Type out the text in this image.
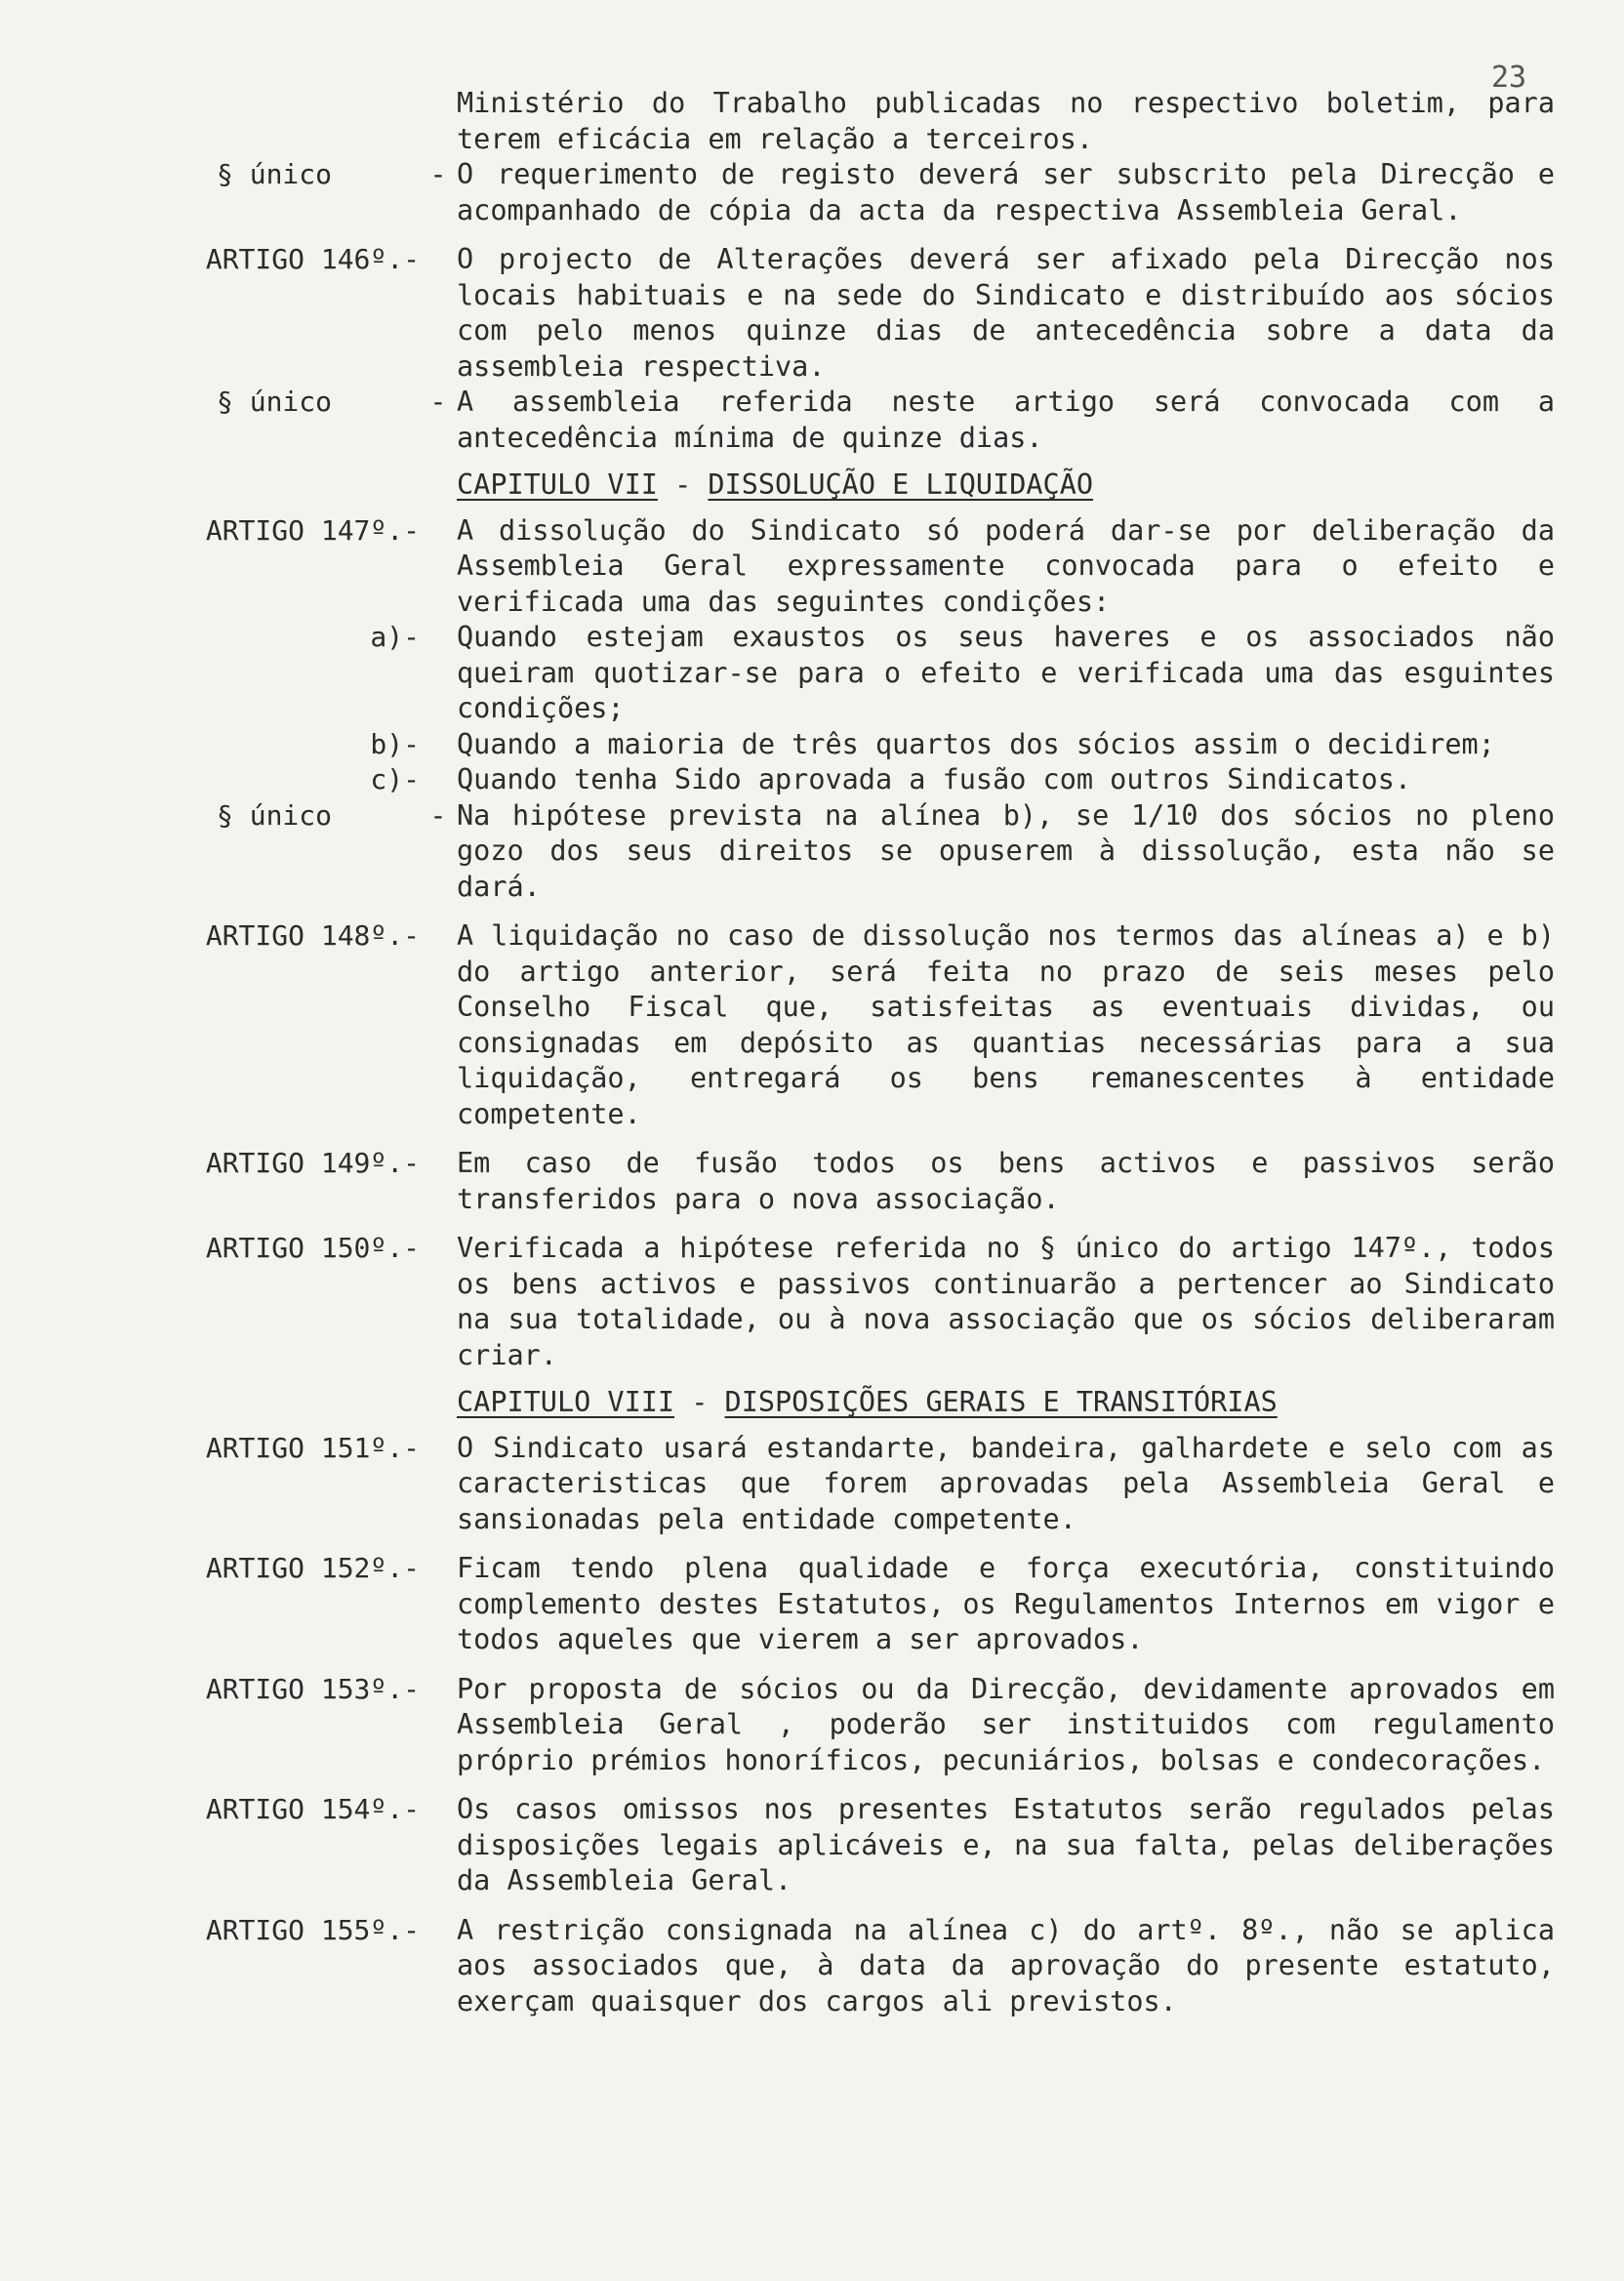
23
Ministério do Trabalho publicadas no respectivo boletim, para terem eficácia em relação a terceiros.
§ único	- O requerimento de registo deverá ser subscrito pela Direcção e acompanhado de cópia da acta da respectiva Assembleia Geral.
ARTIGO 146º.- O projecto de Alterações deverá ser afixado pela Direcção nos locais habituais e na sede do Sindicato e distribuído aos sócios com pelo menos quinze dias de antecedência sobre a data da assembleia respectiva.
§ único	- A assembleia referida neste artigo será convocada com a antecedência mínima de quinze dias.
CAPITULO VII - DISSOLUÇÃO E LIQUIDAÇÃO
ARTIGO 147º.- A dissolução do Sindicato só poderá dar-se por deliberação da Assembleia Geral expressamente convocada para o efeito e verificada uma das seguintes condições:
a)- Quando estejam exaustos os seus haveres e os associados não queiram quotizar-se para o efeito e verificada uma das esguintes condições;
b)- Quando a maioria de três quartos dos sócios assim o decidirem;
c)- Quando tenha Sido aprovada a fusão com outros Sindicatos.
§ único	- Na hipótese prevista na alínea b), se 1/10 dos sócios no pleno gozo dos seus direitos se opuserem à dissolução, esta não se dará.
ARTIGO 148º.- A liquidação no caso de dissolução nos termos das alíneas a) e b) do artigo anterior, será feita no prazo de seis meses pelo Conselho Fiscal que, satisfeitas as eventuais dividas, ou consignadas em depósito as quantias necessárias para a sua liquidação, entregará os bens remanescentes à entidade competente.
ARTIGO 149º.- Em caso de fusão todos os bens activos e passivos serão transferidos para o nova associação.
ARTIGO 150º.- Verificada a hipótese referida no § único do artigo 147º., todos os bens activos e passivos continuarão a pertencer ao Sindicato na sua totalidade, ou à nova associação que os sócios deliberaram criar.
CAPITULO VIII - DISPOSIÇÕES GERAIS E TRANSITÓRIAS
ARTIGO 151º.- O Sindicato usará estandarte, bandeira, galhardete e selo com as caracteristicas que forem aprovadas pela Assembleia Geral e sansionadas pela entidade competente.
ARTIGO 152º.- Ficam tendo plena qualidade e força executória, constituindo complemento destes Estatutos, os Regulamentos Internos em vigor e todos aqueles que vierem a ser aprovados.
ARTIGO 153º.- Por proposta de sócios ou da Direcção, devidamente aprovados em Assembleia Geral , poderão ser instituidos com regulamento próprio prémios honoríficos, pecuniários, bolsas e condecorações.
ARTIGO 154º.- Os casos omissos nos presentes Estatutos serão regulados pelas disposições legais aplicáveis e, na sua falta, pelas deliberações da Assembleia Geral.
ARTIGO 155º.- A restrição consignada na alínea c) do artº. 8º., não se aplica aos associados que, à data da aprovação do presente estatuto, exerçam quaisquer dos cargos ali previstos.
